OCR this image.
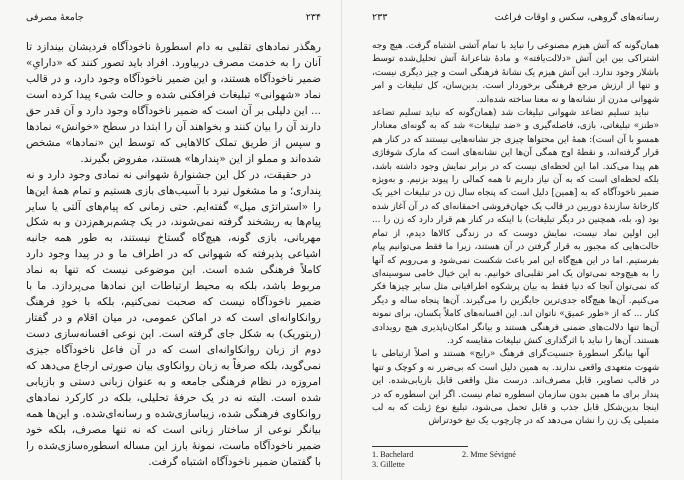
۲۳۴
جامعهٔ مصرفی

رهگذر نمادهای تقلبی به دام اسطورهٔ ناخودآگاه فردیشان بیندازد تا آنان را به خدمت مصرف دربیاورد. افراد باید تصور کنند که «دارایِ» ضمیر ناخودآگاه هستند، و این ضمیر ناخودآگاه وجود دارد، و در قالب نماد «شهوانی» تبلیغات فرافکنی شده و حالت شیء پیدا کرده است ... این دلیلی بر آن است که ضمیر ناخودآگاه وجود دارد و آن قدر حق دارند آن را بیان کنند و بخواهند آن را ابتدا در سطح «خوانش» نمادها و سپس از طریق تملک کالاهایی که توسط این «نمادها» مشخص شده‌اند و مملو از این «پندارها» هستند، مفروض بگیرند.

در حقیقت، در کل این جشنوارهٔ شهوانی نه نمادی وجود دارد و نه پنداری؛ و ما مشغول نیرد با آسیب‌های بازی هستیم و تمام همهٔ این‌ها را «استراتژی میل» گفته‌ایم. حتی زمانی که پیام‌های آلتی یا سایر پیام‌ها به ربشخند گرفته نمی‌شوند، در یک چشم‌برهم‌زدن و به شکل مهربانی، بازی گونه، هیچ‌گاه گستاخ نیستند، به طور همه جانبه اشیاعی پذیرفته که شهوانی که در اطراف ما و در پیدا وجود دارد کاملاً فرهنگی شده است. این موضوعی نیست که تنها به نماد مربوط باشد، بلکه به محیط ارتباطات این نمادها می‌پردازد. ما با ضمیر ناخودآگاه نیست که صحبت نمی‌کنیم، بلکه با خودِ فرهنگ روانکاوانه‌ای است که در اماکن عمومی، در میان اقلام و در گفتار (ربتوریک) به شکل جای گرفته است. این نوعی افسانه‌سازی دست دوم از زبان روانکاوانه‌ای است که در آن فاعل ناخودآگاه جیزی نمی‌گوید، بلکه صرفاً به زبان روانکاوی بیان صورتی ارجاع می‌دهد که امروزه در نظام فرهنگی جامعه و به عنوان زبانی دستی و بازیابی شده است. البته نه در یک حرفهٔ تحلیلی، بلکه در کارکرد نمادهای روانکاوی فرهنگی شده، زیباسازی‌شده و رسانه‌ای‌شده. و این‌ها همه بیانگر نوعی از ساختار زبانی است که نه تنها مصرف، بلکه خود ضمیر ناخودآگاه ماست، نمونهٔ بارز این مساله اسطوره‌سازی‌شده را با گفتمان ضمیر ناخودآگاه اشتباه گرفت.

رسانه‌های گروهی، سکس و اوقات فراغت
۲۳۳

همان‌گونه که آتش هیزم مصنوعی را نباید با تمام آتشی اشتباه گرفت. هیچ وجه اشتراکی بین این آتش «دلالت‌یافته» و مادهٔ شاعرانهٔ آتش تحلیل‌شده توسط باشلار وجود ندارد. این آتش هیزم یک نشانهٔ فرهنگی است و چیز دیگری نیست، و تنها از ارزش مرجع فرهنگی برخوردار است. بدین‌سان، کل تبلیغات و امر شهوانی مدرن از نشانه‌ها و نه معنا ساخته شده‌اند.

نباید تسلیم تضاعد شهوانی تبلیغات شد (همان‌گونه که نباید تسلیم تضاعد «طنز» تبلیغاتی، بازی، فاصله‌گیری و «ضد تبلیغات» شد که به گونه‌ای معنادار همسو با آن است): همهٔ این محتواها چیزی جز نشانه‌هایی نیستند که در کنار هم قرار گرفته‌اند، و نقطهٔ اوج همگی آن‌ها این نشانه‌های است که مارک شوفاژی هم پیدا می‌کند. اما این لحظه‌ای نیست که در برابر نمایش وجود داشته باشد، بلکه لحظه‌ای است که به آن نیاز داریم تا همه کمالی را پیوند بزنیم. و به‌ویژه ضمیر ناخودآگاه که به [همین] دلیل است که پنجاه سال زن در تبلیغات اخیر یک کارخانهٔ سازندهٔ دوربین در قالب یک جهان‌فروشی احمقانه‌ای که در آن آغاز شده بود (و، بله، همچنین در دیگر تبلیغات) با اینکه در کنار هم قرار دارد که زن را ... این اولین نماد نیست، نمایش دوست که در زندگی کالاها دیدم، از تمام حالت‌هایی که مجبور به قرار گرفتن در آن هستند، زیرا ما فقط می‌توانیم پیام بفرستیم. اما در این هیچ‌گاه این امر باعث شکست نمی‌شود و می‌رویم که آنها را به هیچ‌وجه نمی‌توان یک امر تقلبی‌ای خوانیم. به این خیال خامی سوسینه‌ای که نمی‌توان آنجا که دنیا فقط به بیان پرشکوه اطرافیانی مثل سایر چیزها فکر می‌کنیم. آن‌ها هیچ‌گاه جدی‌ترین جایگزین را می‌گیرند. آن‌ها پنجاه ساله و دیگر کنار ... که از «طور عمیق» ناتوان اند. این افسانه‌های کاملاً یکسان، برای نمونه آن‌ها تنها دلالت‌های ضمنی فرهنگی هستند و بیانگر امکان‌ناپذیری هیچ رویدادی هستند. آن‌ها را نباید با اثرگذاری کنش تبلیغات مقایسه کرد.

آنها بیانگر اسطورهٔ جنسیت‌گرای فرهنگ «رایج» هستند و اصلاً ارتباطی با شهوت متعهدی واقعی ندارند. به همین دلیل است که بی‌ضرر نه و کوچک و تنها در قالب تصاویر، قابل مصرف‌اند. درست مثل واقعی قابل بازیابی‌شده. این پندار برای ما همین بدون سازمان اسطوره تمام نیست. اگر این اسطوره که در اینجا بدین‌شکل قابل جذب و قابل تحمل می‌شود، تبلیغ نوع ژیلت که به لب متمیلی یک زن را نشان می‌دهد که در چارچوب یک تیغ خودتراش

1. Bachelard	2. Mme Sévigné
3. Gillette
